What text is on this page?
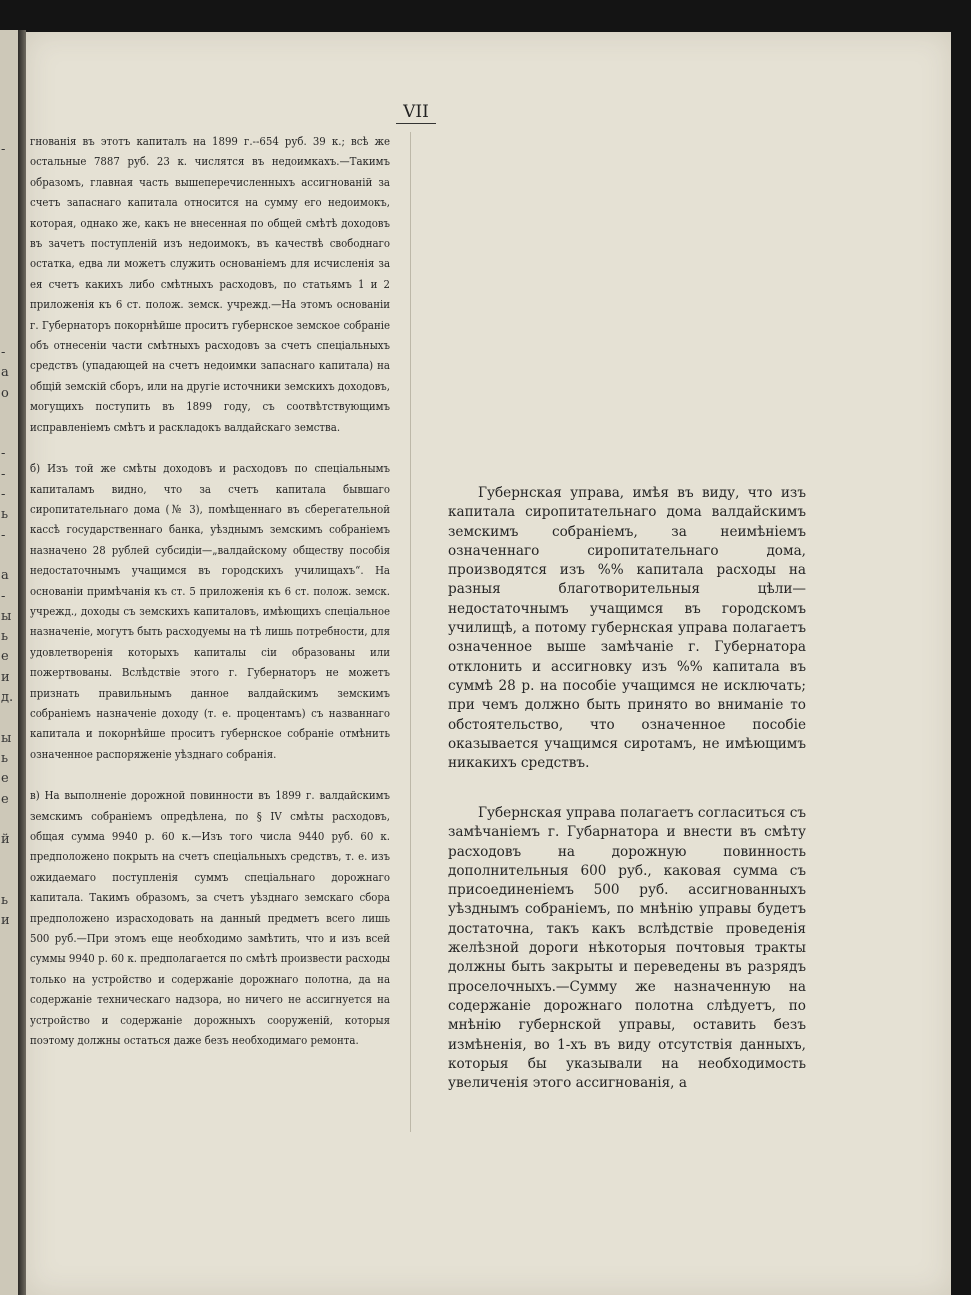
-

-
а
о

-
-
-
ь
-

а
-
ы
ь
е
и
д.

ы
ь
е
е

й

ь
и
VII

гнованія въ этотъ капиталъ на 1899 г.--654 руб. 39 к.; всѣ же остальные 7887 руб. 23 к. числятся въ недоимкахъ.—Такимъ образомъ, главная часть вышеперечисленныхъ ассигнованій за счетъ запаснаго капитала относится на сумму его недоимокъ, которая, однако же, какъ не внесенная по общей смѣтѣ доходовъ въ зачетъ поступленій изъ недоимокъ, въ качествѣ свободнаго остатка, едва ли можетъ служить основаніемъ для исчисленія за ея счетъ какихъ либо смѣтныхъ расходовъ, по статьямъ 1 и 2 приложенія къ 6 ст. полож. земск. учрежд.—На этомъ основаніи г. Губернаторъ покорнѣйше проситъ губернское земское собраніе объ отнесеніи части смѣтныхъ расходовъ за счетъ спеціальныхъ средствъ (упадающей на счетъ недоимки запаснаго капитала) на общій земскій сборъ, или на другіе источники земскихъ доходовъ, могущихъ поступить въ 1899 году, съ соотвѣтствующимъ исправленіемъ смѣтъ и раскладокъ валдайскаго земства.

б) Изъ той же смѣты доходовъ и расходовъ по спеціальнымъ капиталамъ видно, что за счетъ капитала бывшаго сиропитательнаго дома (№ 3), помѣщеннаго въ сберегательной кассѣ государственнаго банка, уѣзднымъ земскимъ собраніемъ назначено 28 рублей субсидіи—„валдайскому обществу пособія недостаточнымъ учащимся въ городскихъ училищахъ“. На основаніи примѣчанія къ ст. 5 приложенія къ 6 ст. полож. земск. учрежд., доходы съ земскихъ капиталовъ, имѣющихъ спеціальное назначеніе, могутъ быть расходуемы на тѣ лишь потребности, для удовлетворенія которыхъ капиталы сіи образованы или пожертвованы. Вслѣдствіе этого г. Губернаторъ не можетъ признать правильнымъ данное валдайскимъ земскимъ собраніемъ назначеніе доходу (т. е. процентамъ) съ названнаго капитала и покорнѣйше проситъ губернское собраніе отмѣнить означенное распоряженіе уѣзднаго собранія.

в) На выполненіе дорожной повинности въ 1899 г. валдайскимъ земскимъ собраніемъ опредѣлена, по § IV смѣты расходовъ, общая сумма 9940 р. 60 к.—Изъ того числа 9440 руб. 60 к. предположено покрыть на счетъ спеціальныхъ средствъ, т. е. изъ ожидаемаго поступленія суммъ спеціальнаго дорожнаго капитала. Такимъ образомъ, за счетъ уѣзднаго земскаго сбора предположено израсходовать на данный предметъ всего лишь 500 руб.—При этомъ еще необходимо замѣтить, что и изъ всей суммы 9940 р. 60 к. предполагается по смѣтѣ произвести расходы только на устройство и содержаніе дорожнаго полотна, да на содержаніе техническаго надзора, но ничего не ассигнуется на устройство и содержаніе дорожныхъ сооруженій, которыя поэтому должны остаться даже безъ необходимаго ремонта.

Губернская управа, имѣя въ виду, что изъ капитала сиропитательнаго дома валдайскимъ земскимъ собраніемъ, за неимѣніемъ означеннаго сиропитательнаго дома, производятся изъ %% капитала расходы на разныя благотворительныя цѣли—недостаточнымъ учащимся въ городскомъ училищѣ, а потому губернская управа полагаетъ означенное выше замѣчаніе г. Губернатора отклонить и ассигновку изъ %% капитала въ суммѣ 28 р. на пособіе учащимся не исключать; при чемъ должно быть принято во вниманіе то обстоятельство, что означенное пособіе оказывается учащимся сиротамъ, не имѣющимъ никакихъ средствъ.

Губернская управа полагаетъ согласиться съ замѣчаніемъ г. Губарнатора и внести въ смѣту расходовъ на дорожную повинность дополнительныя 600 руб., каковая сумма съ присоединеніемъ 500 руб. ассигнованныхъ уѣзднымъ собраніемъ, по мнѣнію управы будетъ достаточна, такъ какъ вслѣдствіе проведенія желѣзной дороги нѣкоторыя почтовыя тракты должны быть закрыты и переведены въ разрядъ проселочныхъ.—Сумму же назначенную на содержаніе дорожнаго полотна слѣдуетъ, по мнѣнію губернской управы, оставить безъ измѣненія, во 1-хъ въ виду отсутствія данныхъ, которыя бы указывали на необходимость увеличенія этого ассигнованія, а
